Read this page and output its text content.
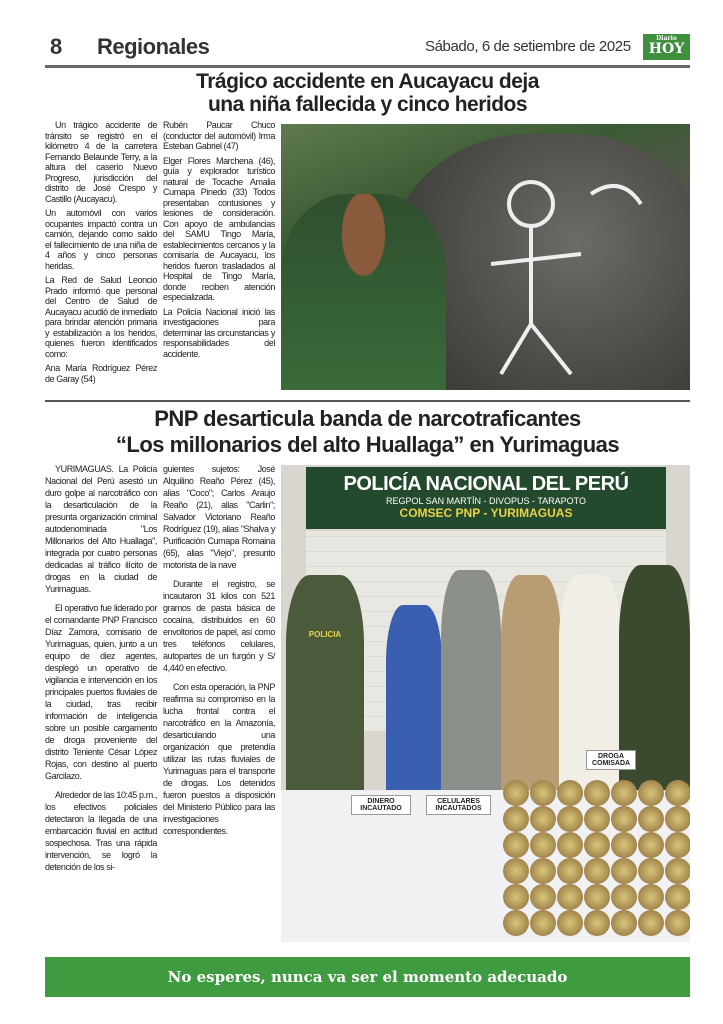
8 Regionales	Sábado, 6 de setiembre de 2025	Diario
HOY
Trágico accidente en Aucayacu deja
una niña fallecida y cinco heridos

Un trágico accidente de tránsito se registró en el kilómetro 4 de la carretera Fernando Belaunde Terry, a la altura del caserío Nuevo Progreso, jurisdicción del distrito de José Crespo y Castillo (Aucayacu).

Un automóvil con varios ocupantes impactó contra un camión, dejando como saldo el fallecimiento de una niña de 4 años y cinco personas heridas.

La Red de Salud Leoncio Prado informó que personal del Centro de Salud de Aucayacu acudió de inmediato para brindar atención primaria y estabilización a los heridos, quienes fueron identificados como:

Ana María Rodríguez Pérez de Garay (54)

Rubén Paucar Chuco (conductor del automóvil) Irma Esteban Gabriel (47)

Elger Flores Marchena (46), guía y explorador turístico natural de Tocache Amalia Cumapa Pinedo (33) Todos presentaban contusiones y lesiones de consideración. Con apoyo de ambulancias del SAMU Tingo María, establecimientos cercanos y la comisaría de Aucayacu, los heridos fueron trasladados al Hospital de Tingo María, donde reciben atención especializada.

La Policía Nacional inició las investigaciones para determinar las circunstancias y responsabilidades del accidente.

PNP desarticula banda de narcotraficantes
“Los millonarios del alto Huallaga” en Yurimaguas

YURIMAGUAS. La Policía Nacional del Perú asestó un duro golpe al narcotráfico con la desarticulación de la presunta organización criminal autodenominada "Los Millonarios del Alto Huallaga", integrada por cuatro personas dedicadas al tráfico ilícito de drogas en la ciudad de Yurimaguas.

El operativo fue liderado por el comandante PNP Francisco Díaz Zamora, comisario de Yurimaguas, quien, junto a un equipo de diez agentes, desplegó un operativo de vigilancia e intervención en los principales puertos fluviales de la ciudad, tras recibir información de inteligencia sobre un posible cargamento de droga proveniente del distrito Teniente César López Rojas, con destino al puerto Garcilazo.

Alrededor de las 10:45 p.m., los efectivos policiales detectaron la llegada de una embarcación fluvial en actitud sospechosa. Tras una rápida intervención, se logró la detención de los si-

guientes sujetos: José Alquilino Reaño Pérez (45), alias "Coco"; Carlos Araujo Reaño (21), alias "Carlin"; Salvador Victoriano Reaño Rodríguez (19), alias "Shalva y Purificación Cumapa Romaina (65), alias "Viejo", presunto motorista de la nave

Durante el registro, se incautaron 31 kilos con 521 gramos de pasta básica de cocaína, distribuidos en 60 envoltorios de papel, así como tres teléfonos celulares, autopartes de un furgón y S/ 4,440 en efectivo.

Con esta operación, la PNP reafirma su compromiso en la lucha frontal contra el narcotráfico en la Amazonía, desarticulando una organización que pretendía utilizar las rutas fluviales de Yurimaguas para el transporte de drogas. Los detenidos fueron puestos a disposición del Ministerio Público para las investigaciones correspondientes.

POLICÍA NACIONAL DEL PERÚ
REGPOL SAN MARTÍN - DIVOPUS - TARAPOTO
COMSEC PNP - YURIMAGUAS
POLICIA
DINERO INCAUTADO
CELULARES INCAUTADOS
DROGA COMISADA
No esperes, nunca va ser el momento adecuado
